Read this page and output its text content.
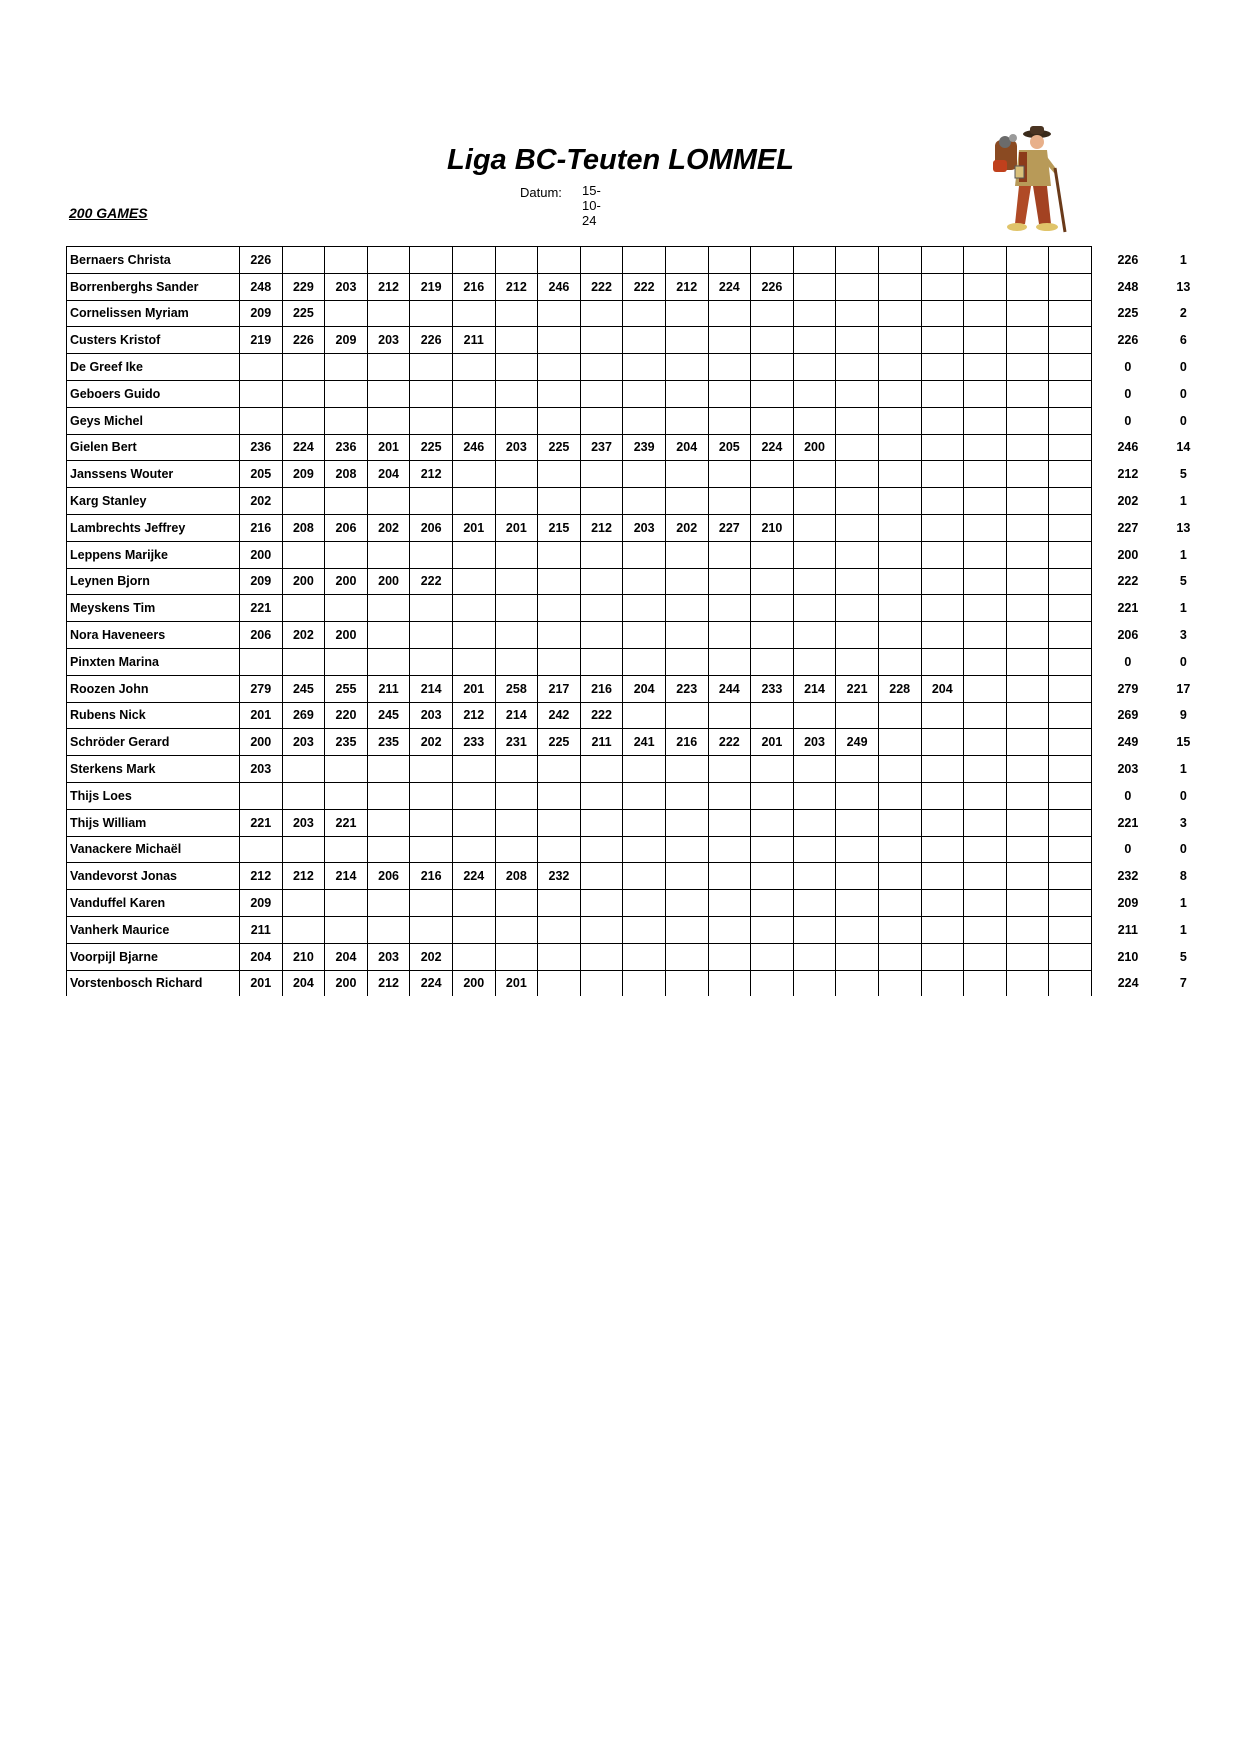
Liga BC-Teuten LOMMEL
Datum: 15-10-24
200 GAMES
Bernaers Christa	226																					226	1
Borrenberghs Sander	248	229	203	212	219	216	212	246	222	222	212	224	226									248	13
Cornelissen Myriam	209	225																				225	2
Custers Kristof	219	226	209	203	226	211																226	6
De Greef Ike																						0	0
Geboers Guido																						0	0
Geys Michel																						0	0
Gielen Bert	236	224	236	201	225	246	203	225	237	239	204	205	224	200								246	14
Janssens Wouter	205	209	208	204	212																	212	5
Karg Stanley	202																					202	1
Lambrechts Jeffrey	216	208	206	202	206	201	201	215	212	203	202	227	210									227	13
Leppens Marijke	200																					200	1
Leynen Bjorn	209	200	200	200	222																	222	5
Meyskens Tim	221																					221	1
Nora Haveneers	206	202	200																			206	3
Pinxten Marina																						0	0
Roozen John	279	245	255	211	214	201	258	217	216	204	223	244	233	214	221	228	204					279	17
Rubens Nick	201	269	220	245	203	212	214	242	222													269	9
Schröder Gerard	200	203	235	235	202	233	231	225	211	241	216	222	201	203	249							249	15
Sterkens Mark	203																					203	1
Thijs Loes																						0	0
Thijs William	221	203	221																			221	3
Vanackere Michaël																						0	0
Vandevorst Jonas	212	212	214	206	216	224	208	232														232	8
Vanduffel Karen	209																					209	1
Vanherk Maurice	211																					211	1
Voorpijl Bjarne	204	210	204	203	202																	210	5
Vorstenbosch Richard	201	204	200	212	224	200	201															224	7
